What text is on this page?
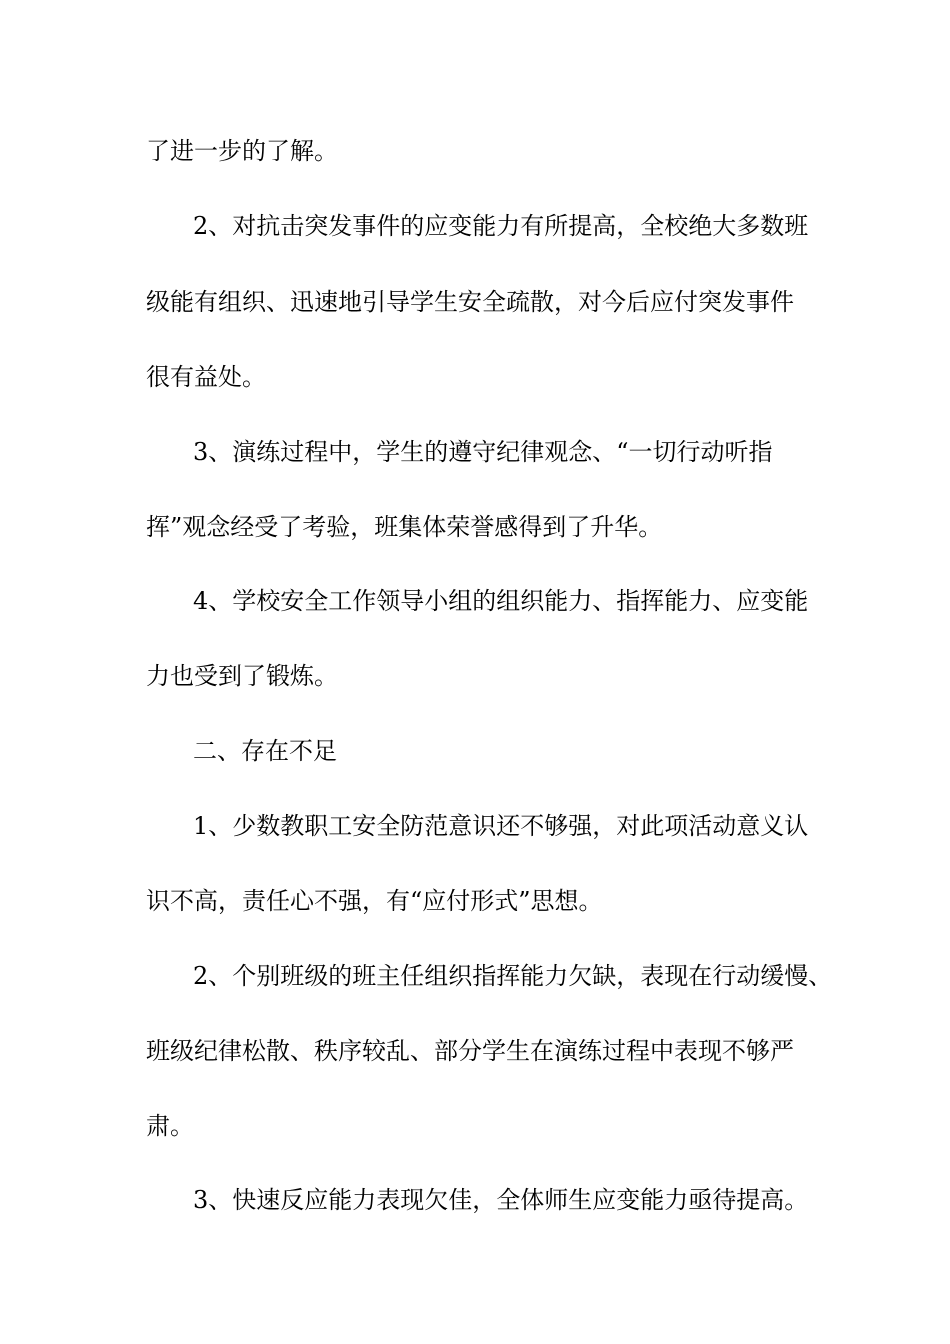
了进一步的了解。

2、对抗击突发事件的应变能力有所提高，全校绝大多数班

级能有组织、迅速地引导学生安全疏散，对今后应付突发事件

很有益处。

3、演练过程中，学生的遵守纪律观念、“一切行动听指

挥”观念经受了考验，班集体荣誉感得到了升华。

4、学校安全工作领导小组的组织能力、指挥能力、应变能

力也受到了锻炼。

二、存在不足

1、少数教职工安全防范意识还不够强，对此项活动意义认

识不高，责任心不强，有“应付形式”思想。

2、个别班级的班主任组织指挥能力欠缺，表现在行动缓慢、

班级纪律松散、秩序较乱、部分学生在演练过程中表现不够严

肃。

3、快速反应能力表现欠佳，全体师生应变能力亟待提高。
